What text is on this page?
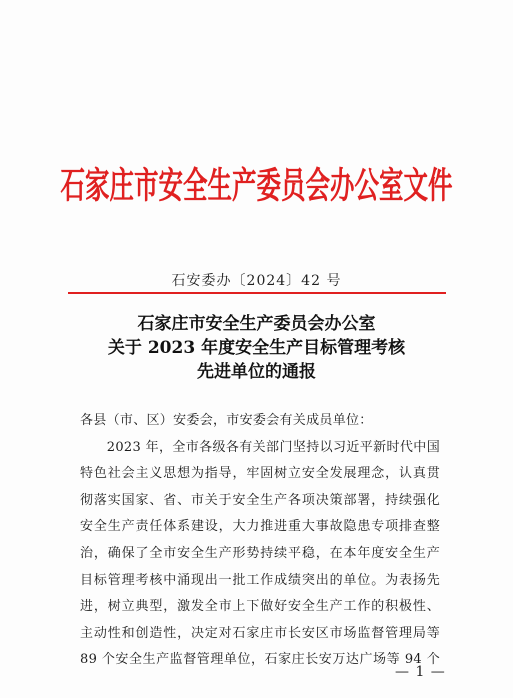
石家庄市安全生产委员会办公室文件
石安委办〔2024〕42 号
石家庄市安全生产委员会办公室
关于 2023 年度安全生产目标管理考核
先进单位的通报
各县（市、区）安委会，市安委会有关成员单位：
　　2023 年，全市各级各有关部门坚持以习近平新时代中国
特色社会主义思想为指导，牢固树立安全发展理念，认真贯
彻落实国家、省、市关于安全生产各项决策部署，持续强化
安全生产责任体系建设，大力推进重大事故隐患专项排查整
治，确保了全市安全生产形势持续平稳，在本年度安全生产
目标管理考核中涌现出一批工作成绩突出的单位。为表扬先
进，树立典型，激发全市上下做好安全生产工作的积极性、
主动性和创造性，决定对石家庄市长安区市场监督管理局等
89 个安全生产监督管理单位，石家庄长安万达广场等 94 个
— 1 —
